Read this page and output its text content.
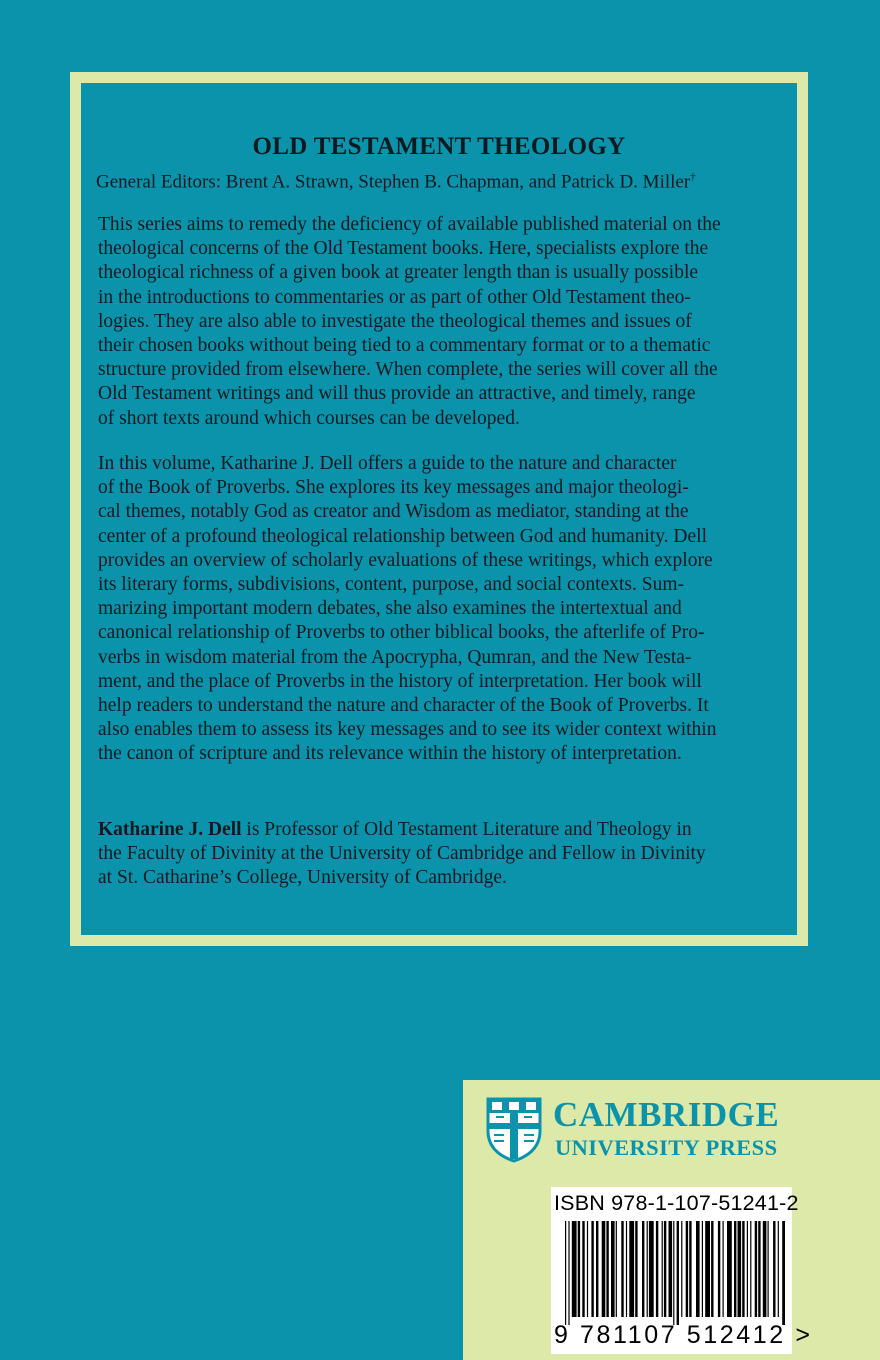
OLD TESTAMENT THEOLOGY
General Editors: Brent A. Strawn, Stephen B. Chapman, and Patrick D. Miller†
This series aims to remedy the deficiency of available published material on thetheological concerns of the Old Testament books. Here, specialists explore thetheological richness of a given book at greater length than is usually possiblein the introductions to commentaries or as part of other Old Testament theo-logies. They are also able to investigate the theological themes and issues oftheir chosen books without being tied to a commentary format or to a thematicstructure provided from elsewhere. When complete, the series will cover all theOld Testament writings and will thus provide an attractive, and timely, rangeof short texts around which courses can be developed.
In this volume, Katharine J. Dell offers a guide to the nature and characterof the Book of Proverbs. She explores its key messages and major theologi-cal themes, notably God as creator and Wisdom as mediator, standing at thecenter of a profound theological relationship between God and humanity. Dellprovides an overview of scholarly evaluations of these writings, which exploreits literary forms, subdivisions, content, purpose, and social contexts. Sum-marizing important modern debates, she also examines the intertextual andcanonical relationship of Proverbs to other biblical books, the afterlife of Pro-verbs in wisdom material from the Apocrypha, Qumran, and the New Testa-ment, and the place of Proverbs in the history of interpretation. Her book willhelp readers to understand the nature and character of the Book of Proverbs. Italso enables them to assess its key messages and to see its wider context withinthe canon of scripture and its relevance within the history of interpretation.
Katharine J. Dell is Professor of Old Testament Literature and Theology inthe Faculty of Divinity at the University of Cambridge and Fellow in Divinityat St. Catharine’s College, University of Cambridge.
CAMBRIDGE
UNIVERSITY PRESS
ISBN 978-1-107-51241-2
9 781107 512412 >
